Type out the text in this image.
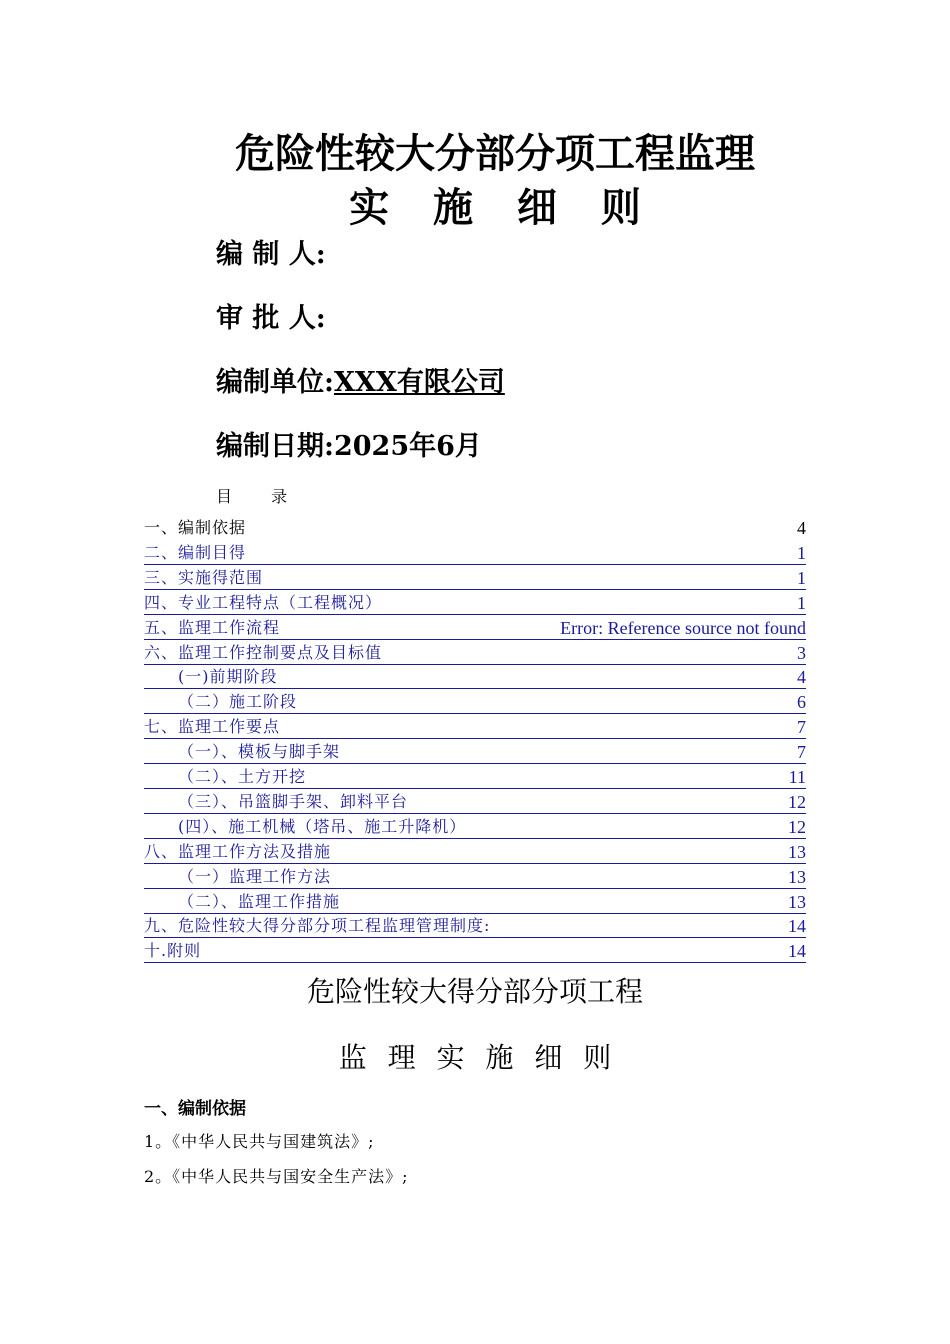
危险性较大分部分项工程监理
实 施 细 则
编 制 人:
审 批 人:
编制单位:XXX有限公司
编制日期:2025年6月
目 录
一、编制依据	4
二、编制目得	1
三、实施得范围	1
四、专业工程特点（工程概况）	1
五、监理工作流程	Error: Reference source not found
六、监理工作控制要点及目标值	3
(一)前期阶段	4
（二）施工阶段	6
七、监理工作要点	7
（一）、模板与脚手架	7
（二）、土方开挖	11
（三）、吊篮脚手架、卸料平台	12
(四）、施工机械（塔吊、施工升降机）	12
八、监理工作方法及措施	13
（一）监理工作方法	13
（二）、监理工作措施	13
九、危险性较大得分部分项工程监理管理制度:	14
十.附则	14
危险性较大得分部分项工程
监 理 实 施 细 则
一、编制依据
1。《中华人民共与国建筑法》;
2。《中华人民共与国安全生产法》;
